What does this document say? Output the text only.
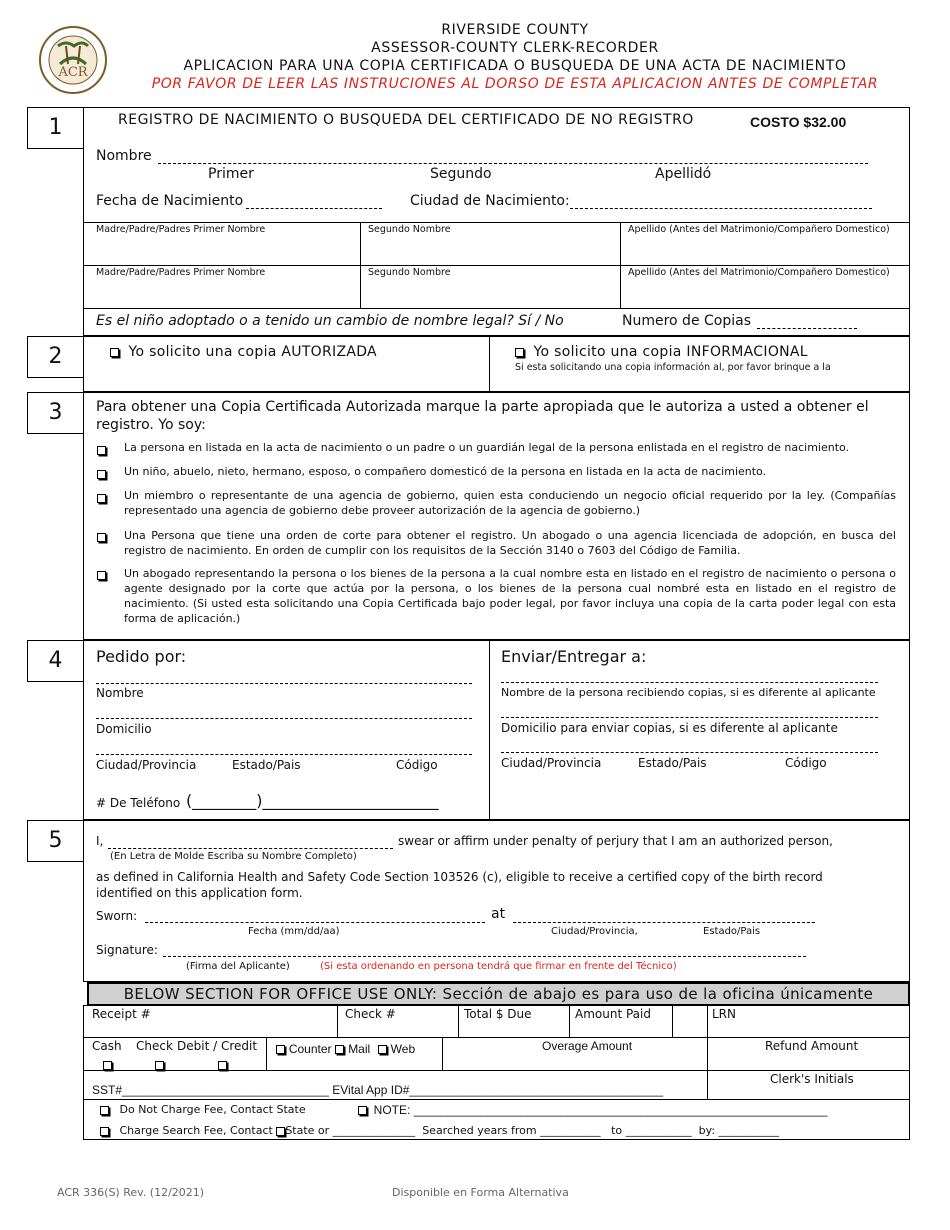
ACR
RIVERSIDE COUNTY
ASSESSOR-COUNTY CLERK-RECORDER
APLICACION PARA UNA COPIA CERTIFICADA O BUSQUEDA DE UNA ACTA DE NACIMIENTO
POR FAVOR DE LEER LAS INSTRUCIONES AL DORSO DE ESTA APLICACION ANTES DE COMPLETAR
1	REGISTRO DE NACIMIENTO O BUSQUEDA DEL CERTIFICADO DE NO REGISTRO	COSTO $32.00
Nombre
Primer	Segundo	Apellidó
Fecha de Nacimiento	Ciudad de Nacimiento:
Madre/Padre/Padres Primer Nombre	Segundo Nombre	Apellido (Antes del Matrimonio/Compañero Domestico)
Madre/Padre/Padres Primer Nombre	Segundo Nombre	Apellido (Antes del Matrimonio/Compañero Domestico)
Es el niño adoptado o a tenido un cambio de nombre legal? Sí / No	Numero de Copias
2	Yo solicito una copia AUTORIZADA	Yo solicito una copia INFORMACIONAL
Si esta solicitando una copia información al, por favor brinque a la
3	Para obtener una Copia Certificada Autorizada marque la parte apropiada que le autoriza a usted a obtener el registro. Yo soy:
La persona en listada en la acta de nacimiento o un padre o un guardián legal de la persona enlistada en el registro de nacimiento.
Un niño, abuelo, nieto, hermano, esposo, o compañero domesticó de la persona en listada en la acta de nacimiento.
Un miembro o representante de una agencia de gobierno, quien esta conduciendo un negocio oficial requerido por la ley. (Compañías representado una agencia de gobierno debe proveer autorización de la agencia de gobierno.)
Una Persona que tiene una orden de corte para obtener el registro. Un abogado o una agencia licenciada de adopción, en busca del registro de nacimiento. En orden de cumplir con los requisitos de la Sección 3140 o 7603 del Código de Familia.
Un abogado representando la persona o los bienes de la persona a la cual nombre esta en listado en el registro de nacimiento o persona o agente designado por la corte que actúa por la persona, o los bienes de la persona cual nombré esta en listado en el registro de nacimiento. (Si usted esta solicitando una Copia Certificada bajo poder legal, por favor incluya una copia de la carta poder legal con esta forma de aplicación.)
4	Pedido por:
Nombre
Domicilio
Ciudad/Provincia	Estado/Pais	Código
# De Teléfono (________)______________________
Enviar/Entregar a:
Nombre de la persona recibiendo copias, si es diferente al aplicante
Domicilio para enviar copias, si es diferente al aplicante
Ciudad/Provincia	Estado/Pais	Código
5	I,	swear or affirm under penalty of perjury that I am an authorized person,
(En Letra de Molde Escriba su Nombre Completo)
as defined in California Health and Safety Code Section 103526 (c), eligible to receive a certified copy of the birth record identified on this application form.
Sworn:	at
Fecha (mm/dd/aa)	Ciudad/Provincia,	Estado/Pais
Signature:
(Firma del Aplicante)	(Si esta ordenando en persona tendrá que firmar en frente del Técnico)
BELOW SECTION FOR OFFICE USE ONLY: Sección de abajo es para uso de la oficina únicamente
Receipt #	Check #	Total $ Due	Amount Paid	LRN
Cash Check Debit / Credit	Counter Mail Web	Overage Amount	Refund Amount
SST#_______________________________ EVital App ID#______________________________________
Clerk's Initials
Do Not Charge Fee, Contact State	NOTE: ______________________________________________________________
Charge Search Fee, Contact State or _______________  Searched years from ___________   to ____________  by: ___________
ACR 336(S) Rev. (12/2021)	Disponible en Forma Alternativa
